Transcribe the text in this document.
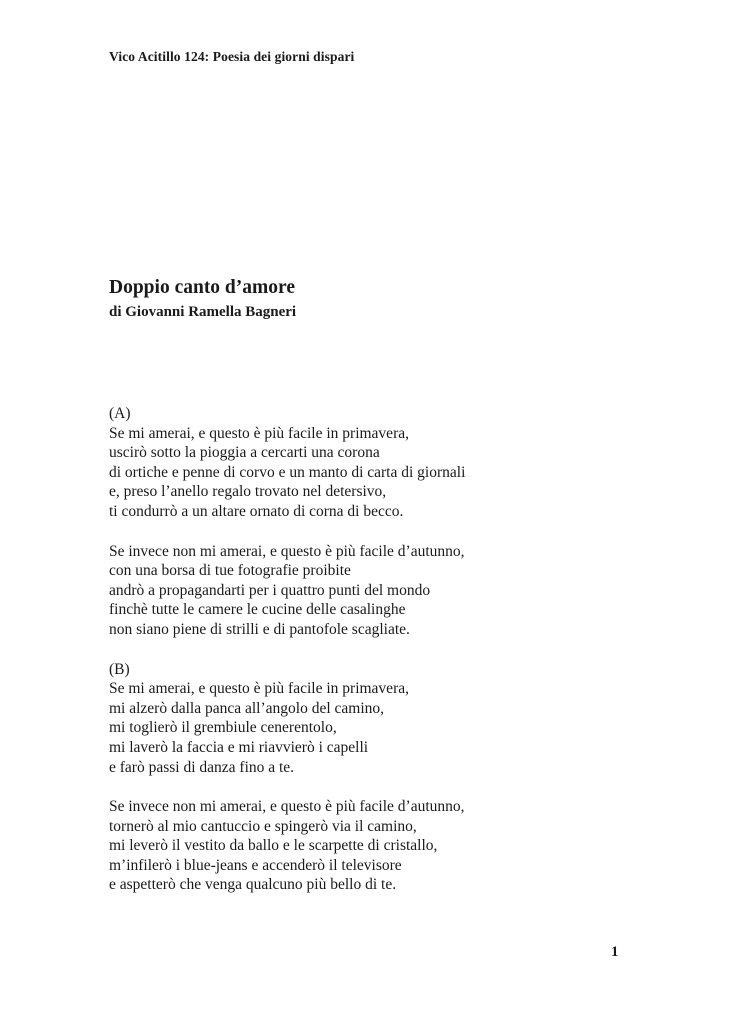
Vico Acitillo 124: Poesia dei giorni dispari
Doppio canto d’amore
di Giovanni Ramella Bagneri

(A)
Se mi amerai, e questo è più facile in primavera,
uscirò sotto la pioggia a cercarti una corona
di ortiche e penne di corvo e un manto di carta di giornali
e, preso l’anello regalo trovato nel detersivo,
ti condurrò a un altare ornato di corna di becco.

Se invece non mi amerai, e questo è più facile d’autunno,
con una borsa di tue fotografie proibite
andrò a propagandarti per i quattro punti del mondo
finchè tutte le camere le cucine delle casalinghe
non siano piene di strilli e di pantofole scagliate.

(B)
Se mi amerai, e questo è più facile in primavera,
mi alzerò dalla panca all’angolo del camino,
mi toglierò il grembiule cenerentolo,
mi laverò la faccia e mi riavvierò i capelli
e farò passi di danza fino a te.

Se invece non mi amerai, e questo è più facile d’autunno,
tornerò al mio cantuccio e spingerò via il camino,
mi leverò il vestito da ballo e le scarpette di cristallo,
m’infilerò i blue-jeans e accenderò il televisore
e aspetterò che venga qualcuno più bello di te.

1
